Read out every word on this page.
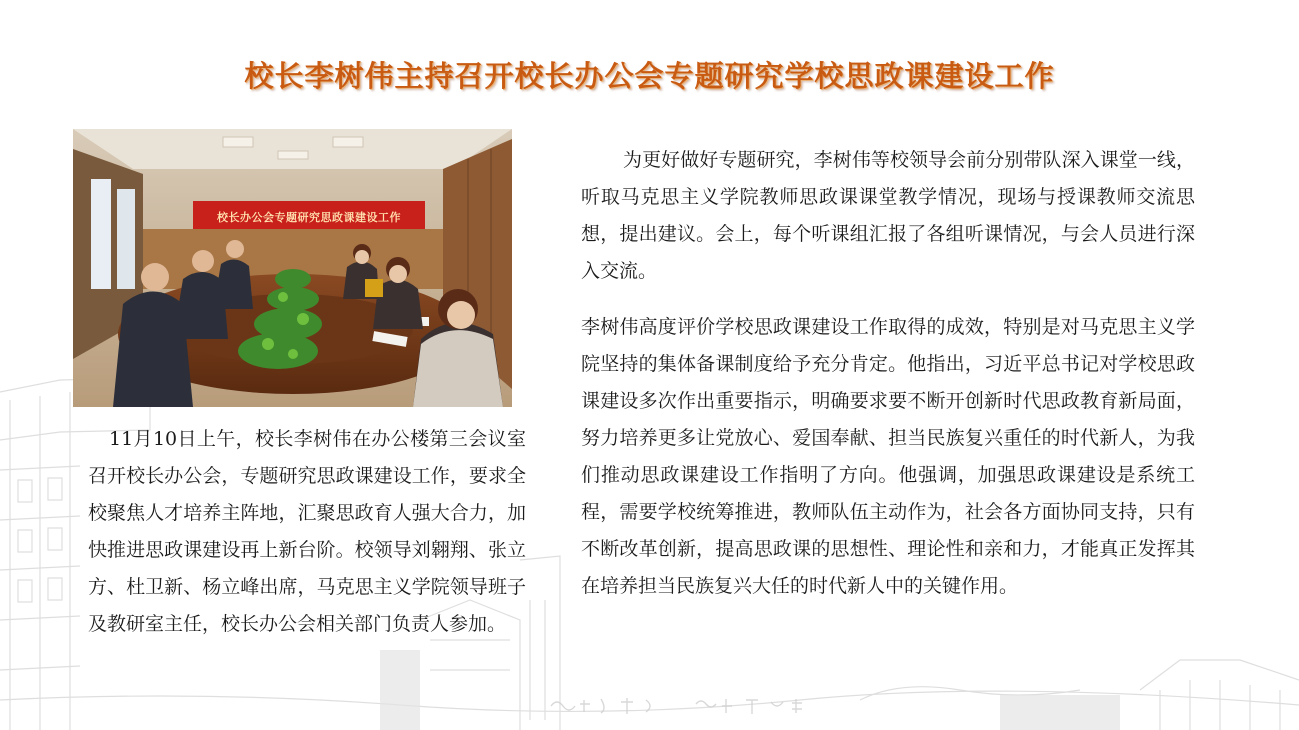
校长李树伟主持召开校长办公会专题研究学校思政课建设工作
校长办公会专题研究思政课建设工作

11月10日上午，校长李树伟在办公楼第三会议室召开校长办公会，专题研究思政课建设工作，要求全校聚焦人才培养主阵地，汇聚思政育人强大合力，加快推进思政课建设再上新台阶。校领导刘翱翔、张立方、杜卫新、杨立峰出席，马克思主义学院领导班子及教研室主任，校长办公会相关部门负责人参加。

为更好做好专题研究，李树伟等校领导会前分别带队深入课堂一线，听取马克思主义学院教师思政课课堂教学情况，现场与授课教师交流思想，提出建议。会上，每个听课组汇报了各组听课情况，与会人员进行深入交流。

李树伟高度评价学校思政课建设工作取得的成效，特别是对马克思主义学院坚持的集体备课制度给予充分肯定。他指出，习近平总书记对学校思政课建设多次作出重要指示，明确要求要不断开创新时代思政教育新局面，努力培养更多让党放心、爱国奉献、担当民族复兴重任的时代新人，为我们推动思政课建设工作指明了方向。他强调，加强思政课建设是系统工程，需要学校统筹推进，教师队伍主动作为，社会各方面协同支持，只有不断改革创新，提高思政课的思想性、理论性和亲和力，才能真正发挥其在培养担当民族复兴大任的时代新人中的关键作用。
